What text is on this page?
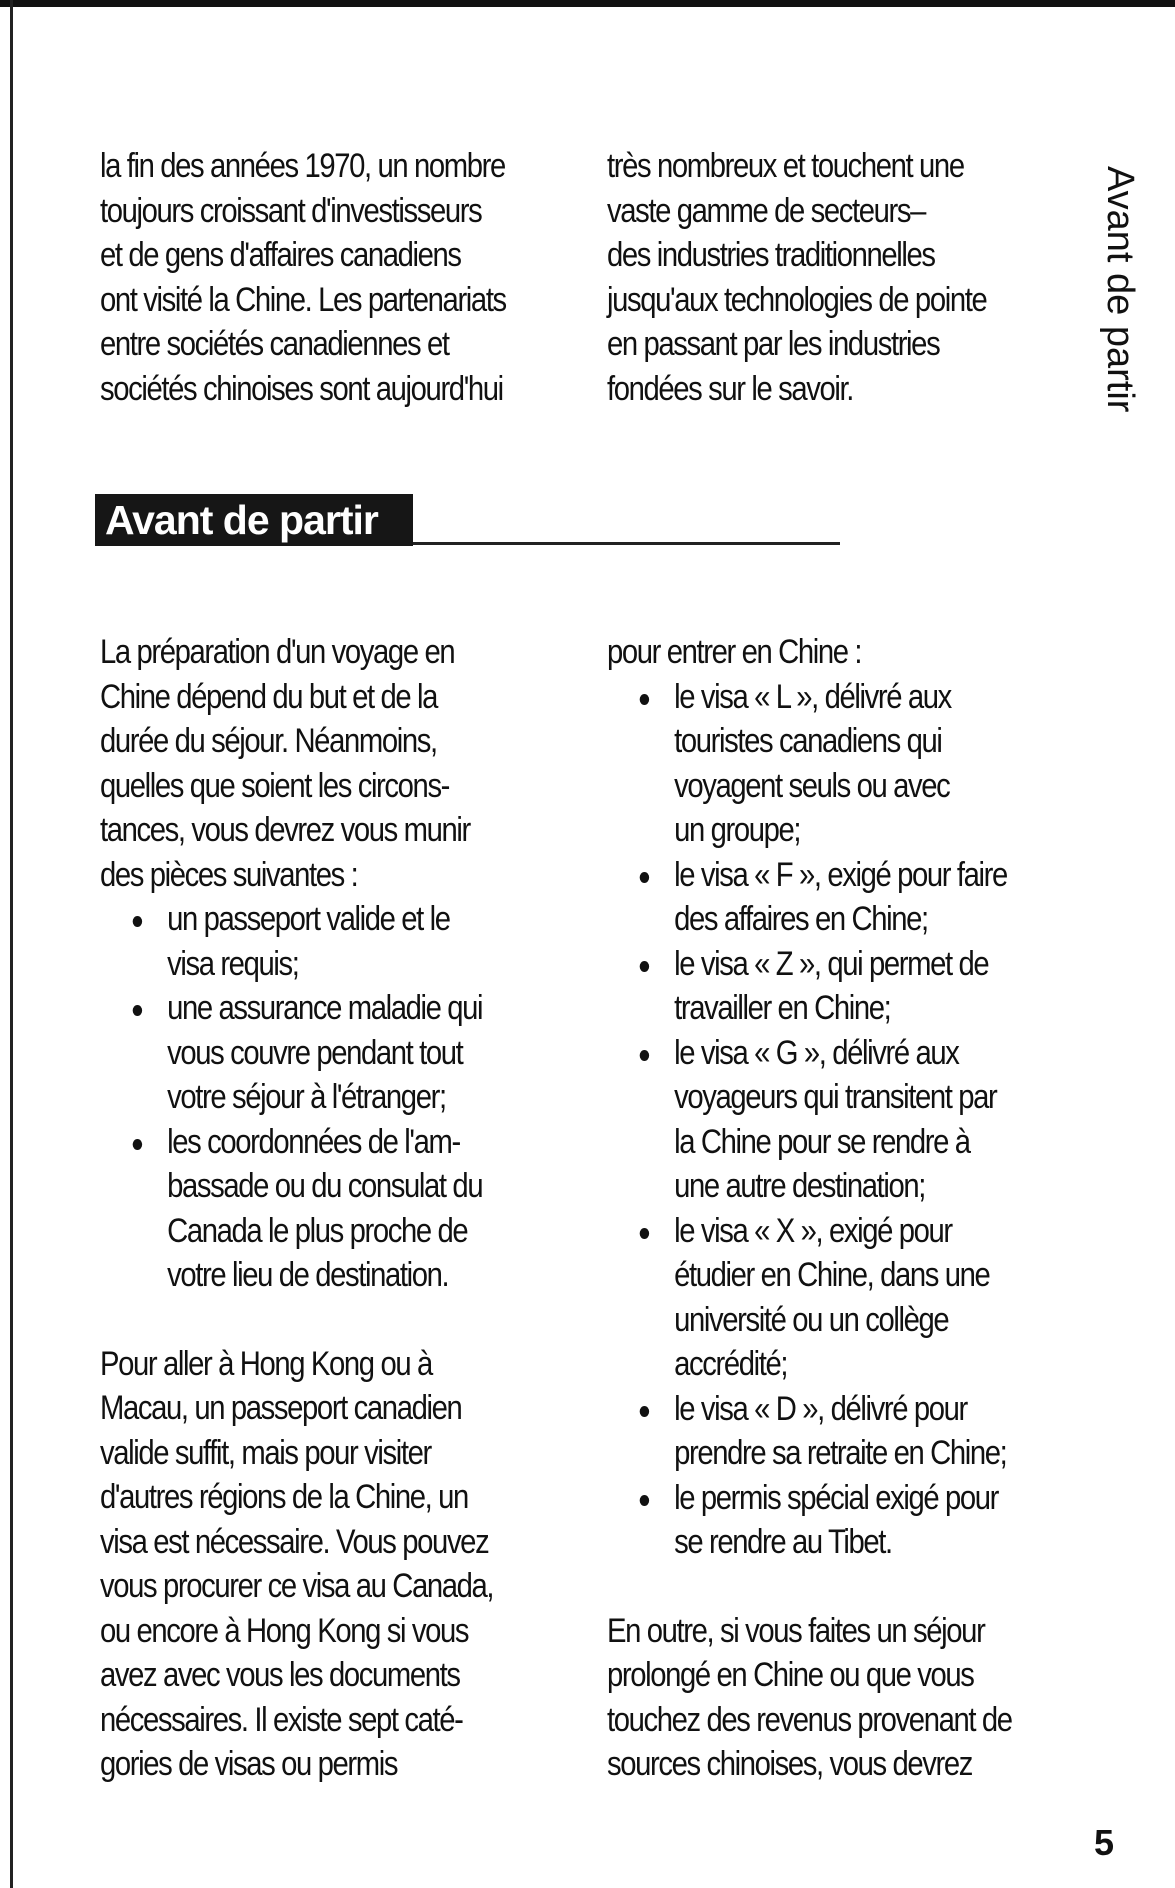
Avant de partir
la fin des années 1970, un nombre
toujours croissant d'investisseurs
et de gens d'affaires canadiens
ont visité la Chine. Les partenariats
entre sociétés canadiennes et
sociétés chinoises sont aujourd'hui
très nombreux et touchent une
vaste gamme de secteurs–
des industries traditionnelles
jusqu'aux technologies de pointe
en passant par les industries
fondées sur le savoir.
Avant de partir
La préparation d'un voyage en
Chine dépend du but et de la
durée du séjour. Néanmoins,
quelles que soient les circons-
tances, vous devrez vous munir
des pièces suivantes :
un passeport valide et le
visa requis;
une assurance maladie qui
vous couvre pendant tout
votre séjour à l'étranger;
les coordonnées de l'am-
bassade ou du consulat du
Canada le plus proche de
votre lieu de destination.
Pour aller à Hong Kong ou à
Macau, un passeport canadien
valide suffit, mais pour visiter
d'autres régions de la Chine, un
visa est nécessaire. Vous pouvez
vous procurer ce visa au Canada,
ou encore à Hong Kong si vous
avez avec vous les documents
nécessaires. Il existe sept caté-
gories de visas ou permis
pour entrer en Chine :
le visa « L », délivré aux
touristes canadiens qui
voyagent seuls ou avec
un groupe;
le visa « F », exigé pour faire
des affaires en Chine;
le visa « Z », qui permet de
travailler en Chine;
le visa « G », délivré aux
voyageurs qui transitent par
la Chine pour se rendre à
une autre destination;
le visa « X », exigé pour
étudier en Chine, dans une
université ou un collège
accrédité;
le visa « D », délivré pour
prendre sa retraite en Chine;
le permis spécial exigé pour
se rendre au Tibet.
En outre, si vous faites un séjour
prolongé en Chine ou que vous
touchez des revenus provenant de
sources chinoises, vous devrez
5
